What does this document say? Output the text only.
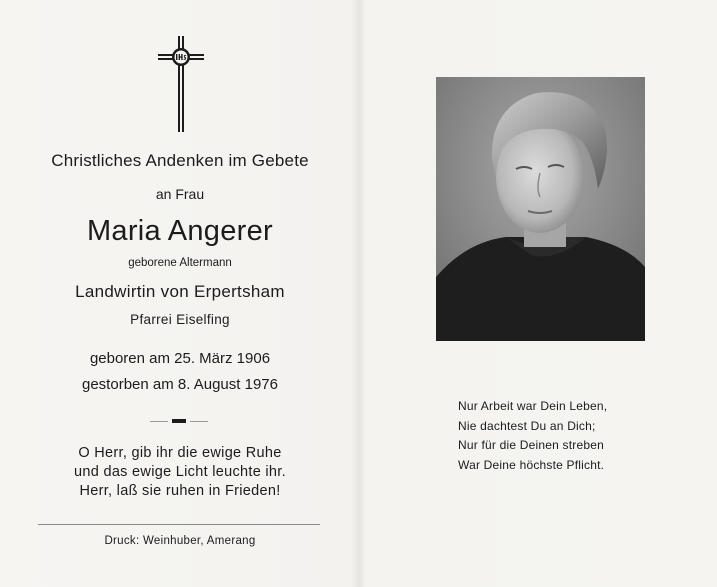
Christliches Andenken im Gebete
an Frau
Maria Angerer
geborene Altermann
Landwirtin von Erpertsham
Pfarrei Eiselfing
geboren am 25. März 1906
gestorben am 8. August 1976
O Herr, gib ihr die ewige Ruhe
und das ewige Licht leuchte ihr.
Herr, laß sie ruhen in Frieden!
Druck: Weinhuber, Amerang
Nur Arbeit war Dein Leben,
Nie dachtest Du an Dich;
Nur für die Deinen streben
War Deine höchste Pflicht.
